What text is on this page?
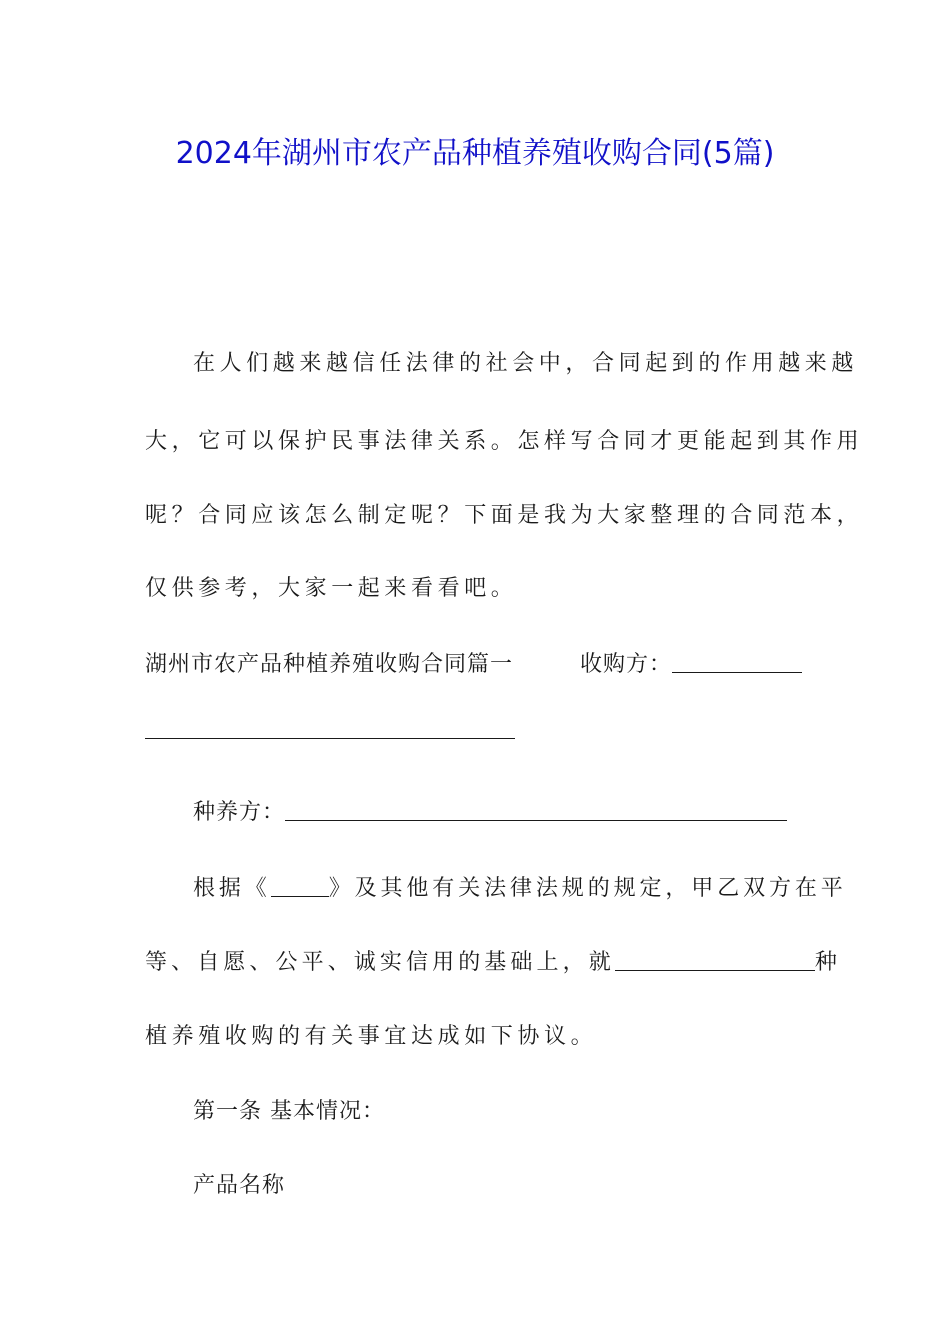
2024年湖州市农产品种植养殖收购合同(5篇)
在人们越来越信任法律的社会中，合同起到的作用越来越
大，它可以保护民事法律关系。怎样写合同才更能起到其作用
呢？合同应该怎么制定呢？下面是我为大家整理的合同范本，
仅供参考，大家一起来看看吧。
湖州市农产品种植养殖收购合同篇一	收购方：
种养方：
根据《	》及其他有关法律法规的规定，甲乙双方在平
等、自愿、公平、诚实信用的基础上，就	种
植养殖收购的有关事宜达成如下协议。
第一条 基本情况：
产品名称
